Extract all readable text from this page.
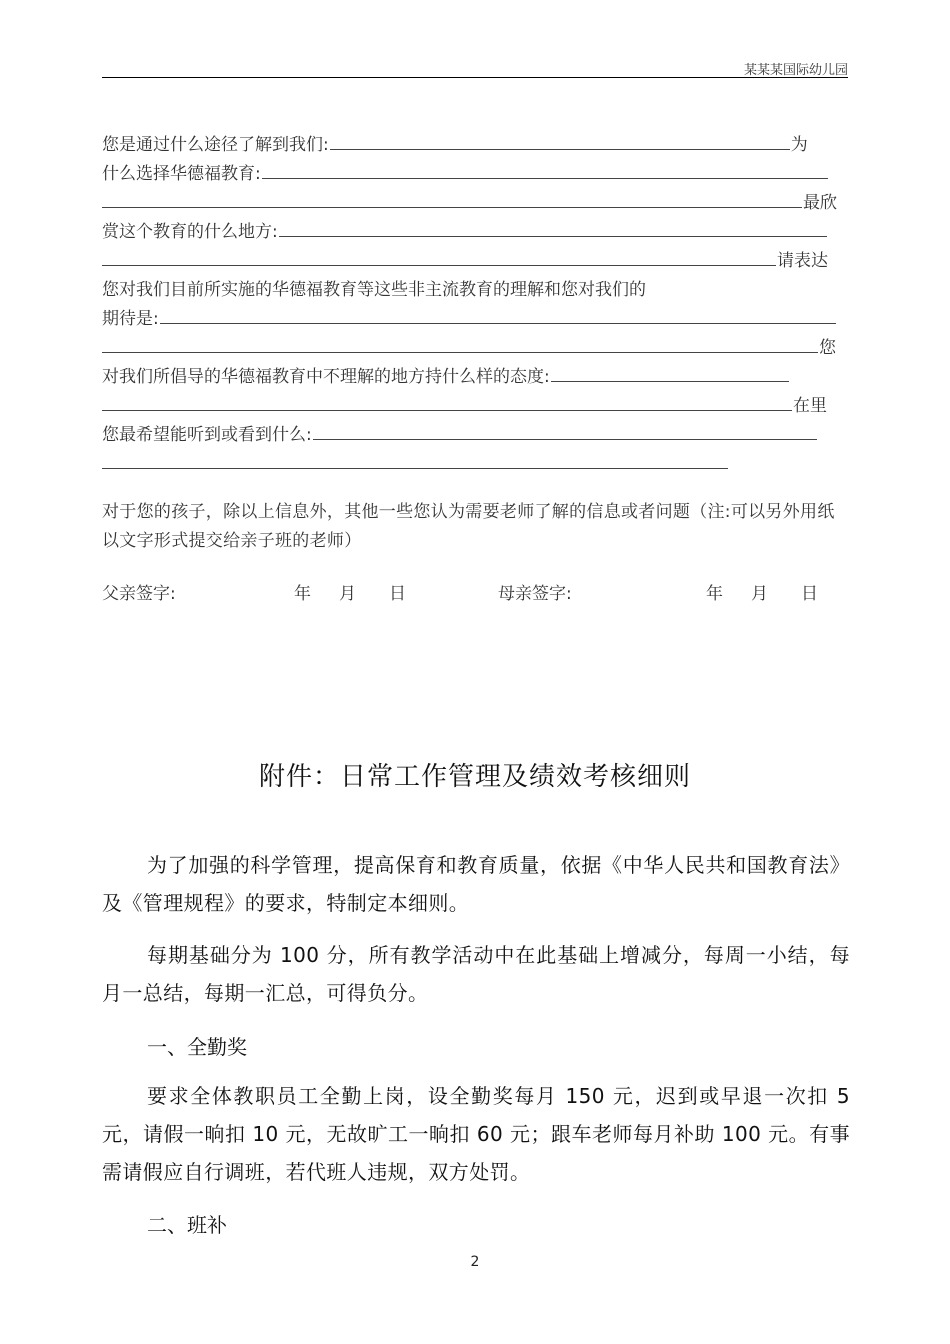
某某某国际幼儿园
您是通过什么途径了解到我们:	为
什么选择华德福教育:
最欣
赏这个教育的什么地方:
请表达
您对我们目前所实施的华德福教育等这些非主流教育的理解和您对我们的
期待是:
您
对我们所倡导的华德福教育中不理解的地方持什么样的态度:
在里
您最希望能听到或看到什么:
对于您的孩子，除以上信息外，其他一些您认为需要老师了解的信息或者问题（注:可以另外用纸以文字形式提交给亲子班的老师）
父亲签字:	年 月 日	母亲签字:	年 月 日
附件：日常工作管理及绩效考核细则
为了加强的科学管理，提高保育和教育质量，依据《中华人民共和国教育法》及《管理规程》的要求，特制定本细则。
每期基础分为 100 分，所有教学活动中在此基础上增减分，每周一小结，每月一总结，每期一汇总，可得负分。
一、全勤奖
要求全体教职员工全勤上岗，设全勤奖每月 150 元，迟到或早退一次扣 5 元，请假一晌扣 10 元，无故旷工一晌扣 60 元；跟车老师每月补助 100 元。有事需请假应自行调班，若代班人违规，双方处罚。
二、班补
2
